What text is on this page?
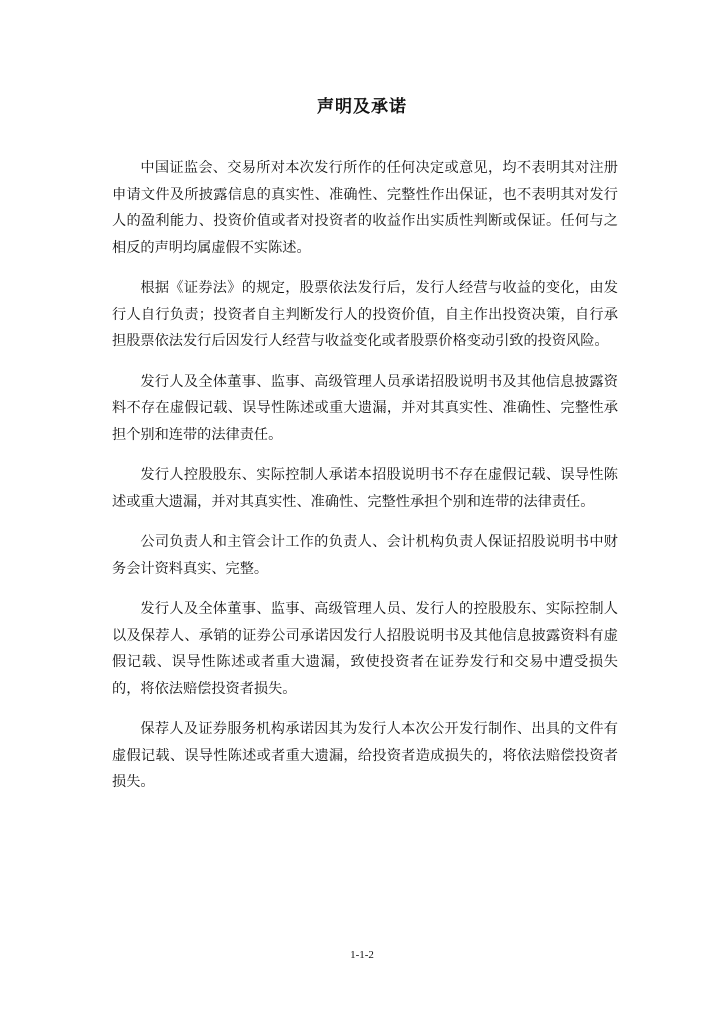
声明及承诺

中国证监会、交易所对本次发行所作的任何决定或意见，均不表明其对注册申请文件及所披露信息的真实性、准确性、完整性作出保证，也不表明其对发行人的盈利能力、投资价值或者对投资者的收益作出实质性判断或保证。任何与之相反的声明均属虚假不实陈述。

根据《证券法》的规定，股票依法发行后，发行人经营与收益的变化，由发行人自行负责；投资者自主判断发行人的投资价值，自主作出投资决策，自行承担股票依法发行后因发行人经营与收益变化或者股票价格变动引致的投资风险。

发行人及全体董事、监事、高级管理人员承诺招股说明书及其他信息披露资料不存在虚假记载、误导性陈述或重大遗漏，并对其真实性、准确性、完整性承担个别和连带的法律责任。

发行人控股股东、实际控制人承诺本招股说明书不存在虚假记载、误导性陈述或重大遗漏，并对其真实性、准确性、完整性承担个别和连带的法律责任。

公司负责人和主管会计工作的负责人、会计机构负责人保证招股说明书中财务会计资料真实、完整。

发行人及全体董事、监事、高级管理人员、发行人的控股股东、实际控制人以及保荐人、承销的证券公司承诺因发行人招股说明书及其他信息披露资料有虚假记载、误导性陈述或者重大遗漏，致使投资者在证券发行和交易中遭受损失的，将依法赔偿投资者损失。

保荐人及证券服务机构承诺因其为发行人本次公开发行制作、出具的文件有虚假记载、误导性陈述或者重大遗漏，给投资者造成损失的，将依法赔偿投资者损失。

1-1-2
